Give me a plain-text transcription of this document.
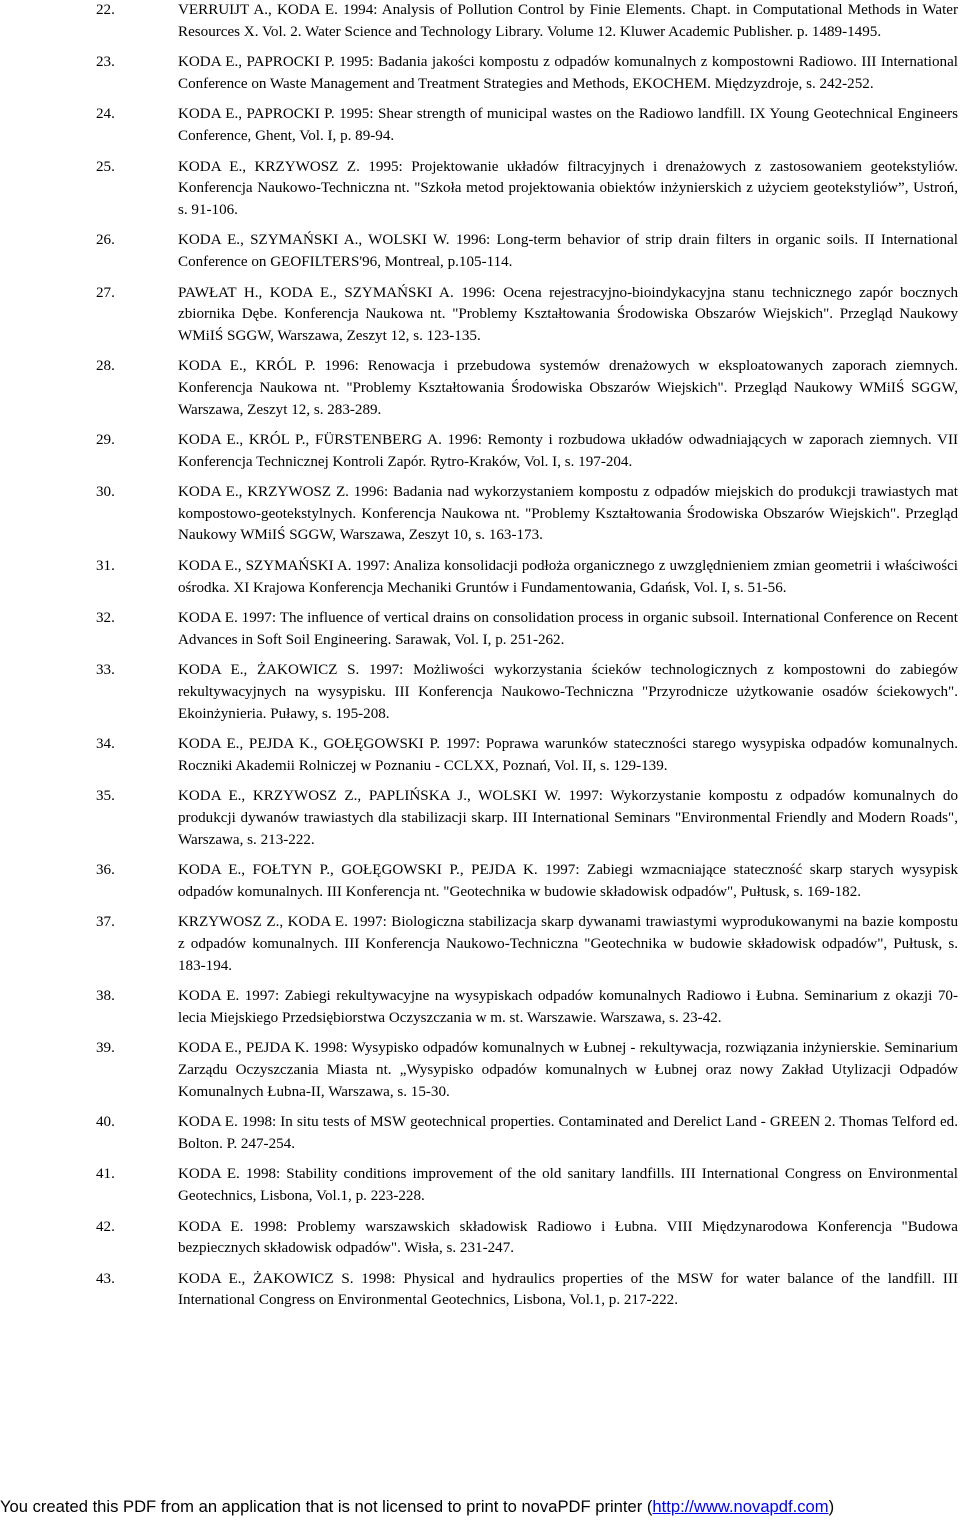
22.	VERRUIJT A., KODA E. 1994: Analysis of Pollution Control by Finie Elements. Chapt. in Computational Methods in Water Resources X. Vol. 2. Water Science and Technology Library. Volume 12. Kluwer Academic Publisher. p. 1489-1495.
23.	KODA E., PAPROCKI P. 1995: Badania jakości kompostu z odpadów komunalnych z kompostowni Radiowo. III International Conference on Waste Management and Treatment Strategies and Methods, EKOCHEM. Międzyzdroje, s. 242-252.
24.	KODA E., PAPROCKI P. 1995: Shear strength of municipal wastes on the Radiowo landfill. IX Young Geotechnical Engineers Conference, Ghent, Vol. I, p. 89-94.
25.	KODA E., KRZYWOSZ Z. 1995: Projektowanie układów filtracyjnych i drenażowych z zastosowaniem geotekstyliów. Konferencja Naukowo-Techniczna nt. "Szkoła metod projektowania obiektów inżynierskich z użyciem geotekstyliów”, Ustroń, s. 91-106.
26.	KODA E., SZYMAŃSKI A., WOLSKI W. 1996: Long-term behavior of strip drain filters in organic soils. II International Conference on GEOFILTERS'96, Montreal, p.105-114.
27.	PAWŁAT H., KODA E., SZYMAŃSKI A. 1996: Ocena rejestracyjno-bioindykacyjna stanu technicznego zapór bocznych zbiornika Dębe. Konferencja Naukowa nt. "Problemy Kształtowania Środowiska Obszarów Wiejskich". Przegląd Naukowy WMiIŚ SGGW, Warszawa, Zeszyt 12, s. 123-135.
28.	KODA E., KRÓL P. 1996: Renowacja i przebudowa systemów drenażowych w eksploatowanych zaporach ziemnych. Konferencja Naukowa nt. "Problemy Kształtowania Środowiska Obszarów Wiejskich". Przegląd Naukowy WMiIŚ SGGW, Warszawa, Zeszyt 12, s. 283-289.
29.	KODA E., KRÓL P., FÜRSTENBERG A. 1996: Remonty i rozbudowa układów odwadniających w zaporach ziemnych. VII Konferencja Technicznej Kontroli Zapór. Rytro-Kraków, Vol. I, s. 197-204.
30.	KODA E., KRZYWOSZ Z. 1996: Badania nad wykorzystaniem kompostu z odpadów miejskich do produkcji trawiastych mat kompostowo-geotekstylnych. Konferencja Naukowa nt. "Problemy Kształtowania Środowiska Obszarów Wiejskich". Przegląd Naukowy WMiIŚ SGGW, Warszawa, Zeszyt 10, s. 163-173.
31.	KODA E., SZYMAŃSKI A. 1997: Analiza konsolidacji podłoża organicznego z uwzględnieniem zmian geometrii i właściwości ośrodka. XI Krajowa Konferencja Mechaniki Gruntów i Fundamentowania, Gdańsk, Vol. I, s. 51-56.
32.	KODA E. 1997: The influence of vertical drains on consolidation process in organic subsoil. International Conference on Recent Advances in Soft Soil Engineering. Sarawak, Vol. I, p. 251-262.
33.	KODA E., ŻAKOWICZ S. 1997: Możliwości wykorzystania ścieków technologicznych z kompostowni do zabiegów rekultywacyjnych na wysypisku. III Konferencja Naukowo-Techniczna "Przyrodnicze użytkowanie osadów ściekowych". Ekoinżynieria. Puławy, s. 195-208.
34.	KODA E., PEJDA K., GOŁĘGOWSKI P. 1997: Poprawa warunków stateczności starego wysypiska odpadów komunalnych. Roczniki Akademii Rolniczej w Poznaniu - CCLXX, Poznań, Vol. II, s. 129-139.
35.	KODA E., KRZYWOSZ Z., PAPLIŃSKA J., WOLSKI W. 1997: Wykorzystanie kompostu z odpadów komunalnych do produkcji dywanów trawiastych dla stabilizacji skarp. III International Seminars "Environmental Friendly and Modern Roads", Warszawa, s. 213-222.
36.	KODA E., FOŁTYN P., GOŁĘGOWSKI P., PEJDA K. 1997: Zabiegi wzmacniające stateczność skarp starych wysypisk odpadów komunalnych. III Konferencja nt. "Geotechnika w budowie składowisk odpadów", Pułtusk, s. 169-182.
37.	KRZYWOSZ Z., KODA E. 1997: Biologiczna stabilizacja skarp dywanami trawiastymi wyprodukowanymi na bazie kompostu z odpadów komunalnych. III Konferencja Naukowo-Techniczna "Geotechnika w budowie składowisk odpadów", Pułtusk, s. 183-194.
38.	KODA E. 1997: Zabiegi rekultywacyjne na wysypiskach odpadów komunalnych Radiowo i Łubna. Seminarium z okazji 70-lecia Miejskiego Przedsiębiorstwa Oczyszczania w m. st. Warszawie. Warszawa, s. 23-42.
39.	KODA E., PEJDA K. 1998: Wysypisko odpadów komunalnych w Łubnej - rekultywacja, rozwiązania inżynierskie. Seminarium Zarządu Oczyszczania Miasta nt. „Wysypisko odpadów komunalnych w Łubnej oraz nowy Zakład Utylizacji Odpadów Komunalnych Łubna-II, Warszawa, s. 15-30.
40.	KODA E. 1998: In situ tests of MSW geotechnical properties. Contaminated and Derelict Land - GREEN 2. Thomas Telford ed. Bolton. P. 247-254.
41.	KODA E. 1998: Stability conditions improvement of the old sanitary landfills. III International Congress on Environmental Geotechnics, Lisbona, Vol.1, p. 223-228.
42.	KODA E. 1998: Problemy warszawskich składowisk Radiowo i Łubna. VIII Międzynarodowa Konferencja "Budowa bezpiecznych składowisk odpadów". Wisła, s. 231-247.
43.	KODA E., ŻAKOWICZ S. 1998: Physical and hydraulics properties of the MSW for water balance of the landfill. III International Congress on Environmental Geotechnics, Lisbona, Vol.1, p. 217-222.
You created this PDF from an application that is not licensed to print to novaPDF printer (http://www.novapdf.com)
